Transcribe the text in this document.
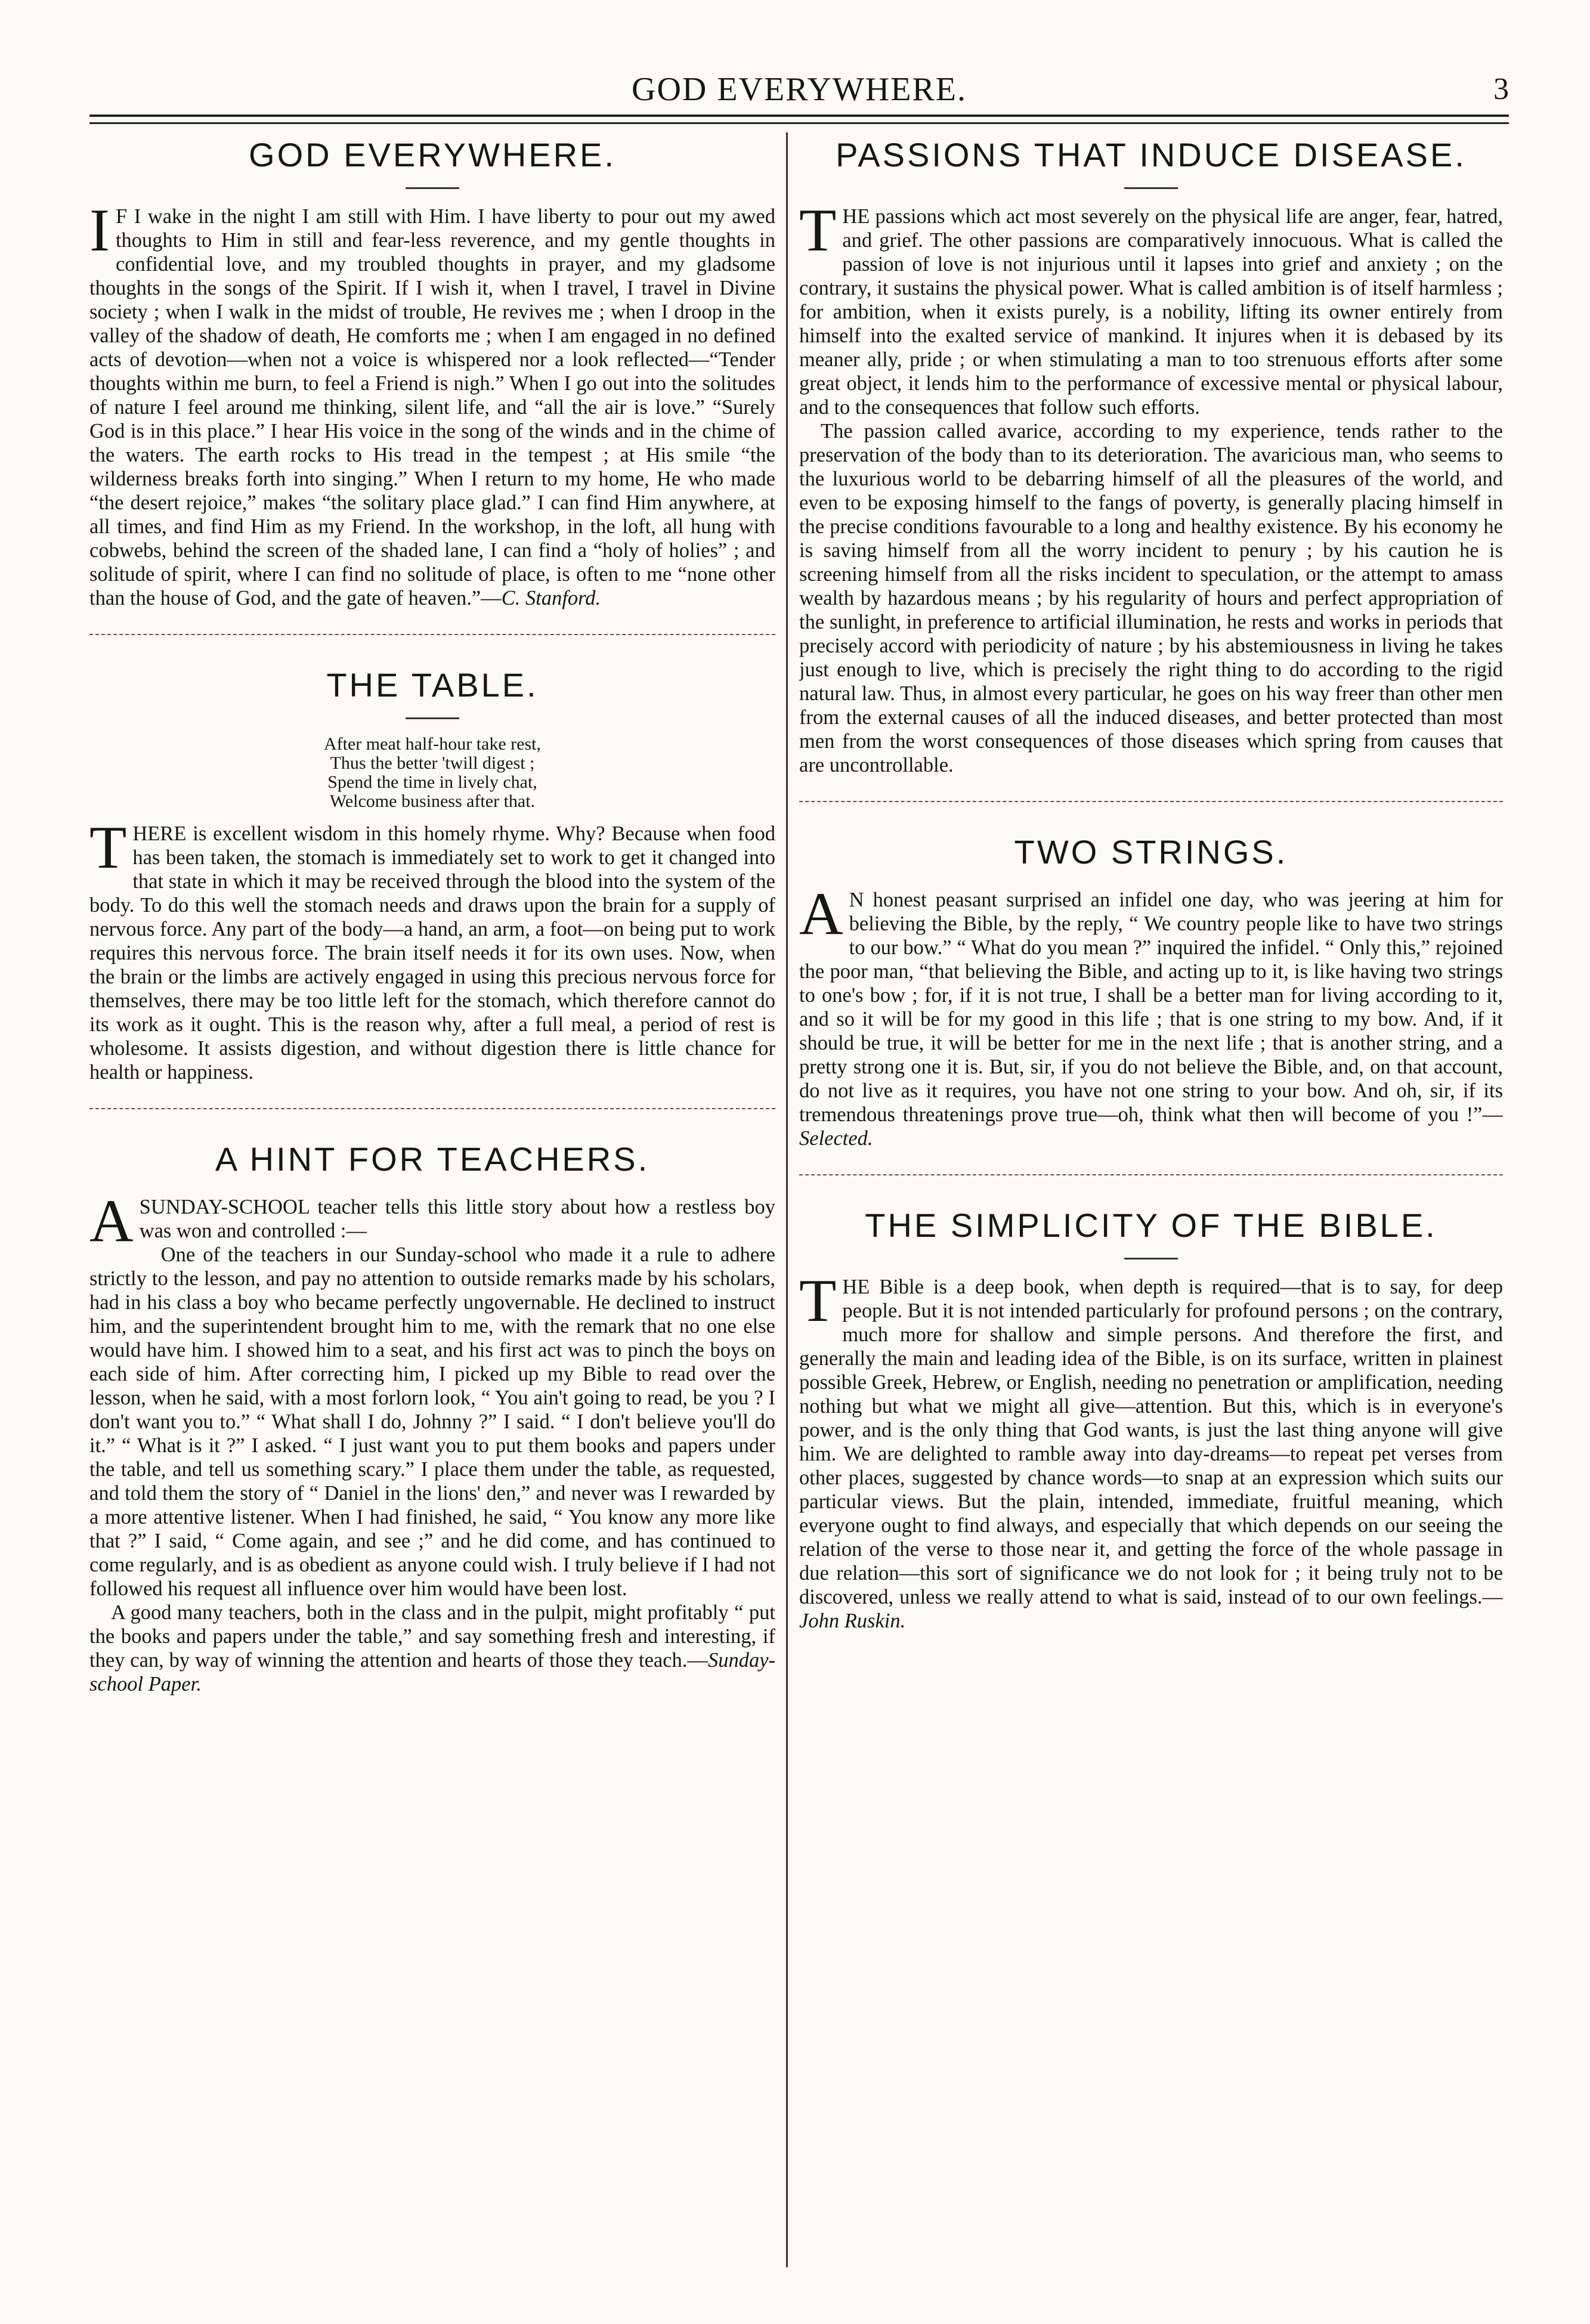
GOD EVERYWHERE.	3
GOD EVERYWHERE.

IF I wake in the night I am still with Him. I have liberty to pour out my awed thoughts to Him in still and fear-less reverence, and my gentle thoughts in confidential love, and my troubled thoughts in prayer, and my gladsome thoughts in the songs of the Spirit. If I wish it, when I travel, I travel in Divine society ; when I walk in the midst of trouble, He revives me ; when I droop in the valley of the shadow of death, He comforts me ; when I am engaged in no defined acts of devotion—when not a voice is whispered nor a look reflected—“Tender thoughts within me burn, to feel a Friend is nigh.” When I go out into the solitudes of nature I feel around me thinking, silent life, and “all the air is love.” “Surely God is in this place.” I hear His voice in the song of the winds and in the chime of the waters. The earth rocks to His tread in the tempest ; at His smile “the wilderness breaks forth into singing.” When I return to my home, He who made “the desert rejoice,” makes “the solitary place glad.” I can find Him anywhere, at all times, and find Him as my Friend. In the workshop, in the loft, all hung with cobwebs, behind the screen of the shaded lane, I can find a “holy of holies” ; and solitude of spirit, where I can find no solitude of place, is often to me “none other than the house of God, and the gate of heaven.”—C. Stanford.

THE TABLE.
After meat half-hour take rest,
Thus the better 'twill digest ;
Spend the time in lively chat,
Welcome business after that.

THERE is excellent wisdom in this homely rhyme. Why? Because when food has been taken, the stomach is immediately set to work to get it changed into that state in which it may be received through the blood into the system of the body. To do this well the stomach needs and draws upon the brain for a supply of nervous force. Any part of the body—a hand, an arm, a foot—on being put to work requires this nervous force. The brain itself needs it for its own uses. Now, when the brain or the limbs are actively engaged in using this precious nervous force for themselves, there may be too little left for the stomach, which therefore cannot do its work as it ought. This is the reason why, after a full meal, a period of rest is wholesome. It assists digestion, and without digestion there is little chance for health or happiness.

A HINT FOR TEACHERS.

ASUNDAY-SCHOOL teacher tells this little story about how a restless boy was won and controlled :—

One of the teachers in our Sunday-school who made it a rule to adhere strictly to the lesson, and pay no attention to outside remarks made by his scholars, had in his class a boy who became perfectly ungovernable. He declined to instruct him, and the superintendent brought him to me, with the remark that no one else would have him. I showed him to a seat, and his first act was to pinch the boys on each side of him. After correcting him, I picked up my Bible to read over the lesson, when he said, with a most forlorn look, “ You ain't going to read, be you ? I don't want you to.” “ What shall I do, Johnny ?” I said. “ I don't believe you'll do it.” “ What is it ?” I asked. “ I just want you to put them books and papers under the table, and tell us something scary.” I place them under the table, as requested, and told them the story of “ Daniel in the lions' den,” and never was I rewarded by a more attentive listener. When I had finished, he said, “ You know any more like that ?” I said, “ Come again, and see ;” and he did come, and has continued to come regularly, and is as obedient as anyone could wish. I truly believe if I had not followed his request all influence over him would have been lost.

A good many teachers, both in the class and in the pulpit, might profitably “ put the books and papers under the table,” and say something fresh and interesting, if they can, by way of winning the attention and hearts of those they teach.—Sunday-school Paper.

PASSIONS THAT INDUCE DISEASE.

THE passions which act most severely on the physical life are anger, fear, hatred, and grief. The other passions are comparatively innocuous. What is called the passion of love is not injurious until it lapses into grief and anxiety ; on the contrary, it sustains the physical power. What is called ambition is of itself harmless ; for ambition, when it exists purely, is a nobility, lifting its owner entirely from himself into the exalted service of mankind. It injures when it is debased by its meaner ally, pride ; or when stimulating a man to too strenuous efforts after some great object, it lends him to the performance of excessive mental or physical labour, and to the consequences that follow such efforts.

The passion called avarice, according to my experience, tends rather to the preservation of the body than to its deterioration. The avaricious man, who seems to the luxurious world to be debarring himself of all the pleasures of the world, and even to be exposing himself to the fangs of poverty, is generally placing himself in the precise conditions favourable to a long and healthy existence. By his economy he is saving himself from all the worry incident to penury ; by his caution he is screening himself from all the risks incident to speculation, or the attempt to amass wealth by hazardous means ; by his regularity of hours and perfect appropriation of the sunlight, in preference to artificial illumination, he rests and works in periods that precisely accord with periodicity of nature ; by his abstemiousness in living he takes just enough to live, which is precisely the right thing to do according to the rigid natural law. Thus, in almost every particular, he goes on his way freer than other men from the external causes of all the induced diseases, and better protected than most men from the worst consequences of those diseases which spring from causes that are uncontrollable.

TWO STRINGS.

AN honest peasant surprised an infidel one day, who was jeering at him for believing the Bible, by the reply, “ We country people like to have two strings to our bow.” “ What do you mean ?” inquired the infidel. “ Only this,” rejoined the poor man, “that believing the Bible, and acting up to it, is like having two strings to one's bow ; for, if it is not true, I shall be a better man for living according to it, and so it will be for my good in this life ; that is one string to my bow. And, if it should be true, it will be better for me in the next life ; that is another string, and a pretty strong one it is. But, sir, if you do not believe the Bible, and, on that account, do not live as it requires, you have not one string to your bow. And oh, sir, if its tremendous threatenings prove true—oh, think what then will become of you !”—Selected.

THE SIMPLICITY OF THE BIBLE.

THE Bible is a deep book, when depth is required—that is to say, for deep people. But it is not intended particularly for profound persons ; on the contrary, much more for shallow and simple persons. And therefore the first, and generally the main and leading idea of the Bible, is on its surface, written in plainest possible Greek, Hebrew, or English, needing no penetration or amplification, needing nothing but what we might all give—attention. But this, which is in everyone's power, and is the only thing that God wants, is just the last thing anyone will give him. We are delighted to ramble away into day-dreams—to repeat pet verses from other places, suggested by chance words—to snap at an expression which suits our particular views. But the plain, intended, immediate, fruitful meaning, which everyone ought to find always, and especially that which depends on our seeing the relation of the verse to those near it, and getting the force of the whole passage in due relation—this sort of significance we do not look for ; it being truly not to be discovered, unless we really attend to what is said, instead of to our own feelings.—John Ruskin.
